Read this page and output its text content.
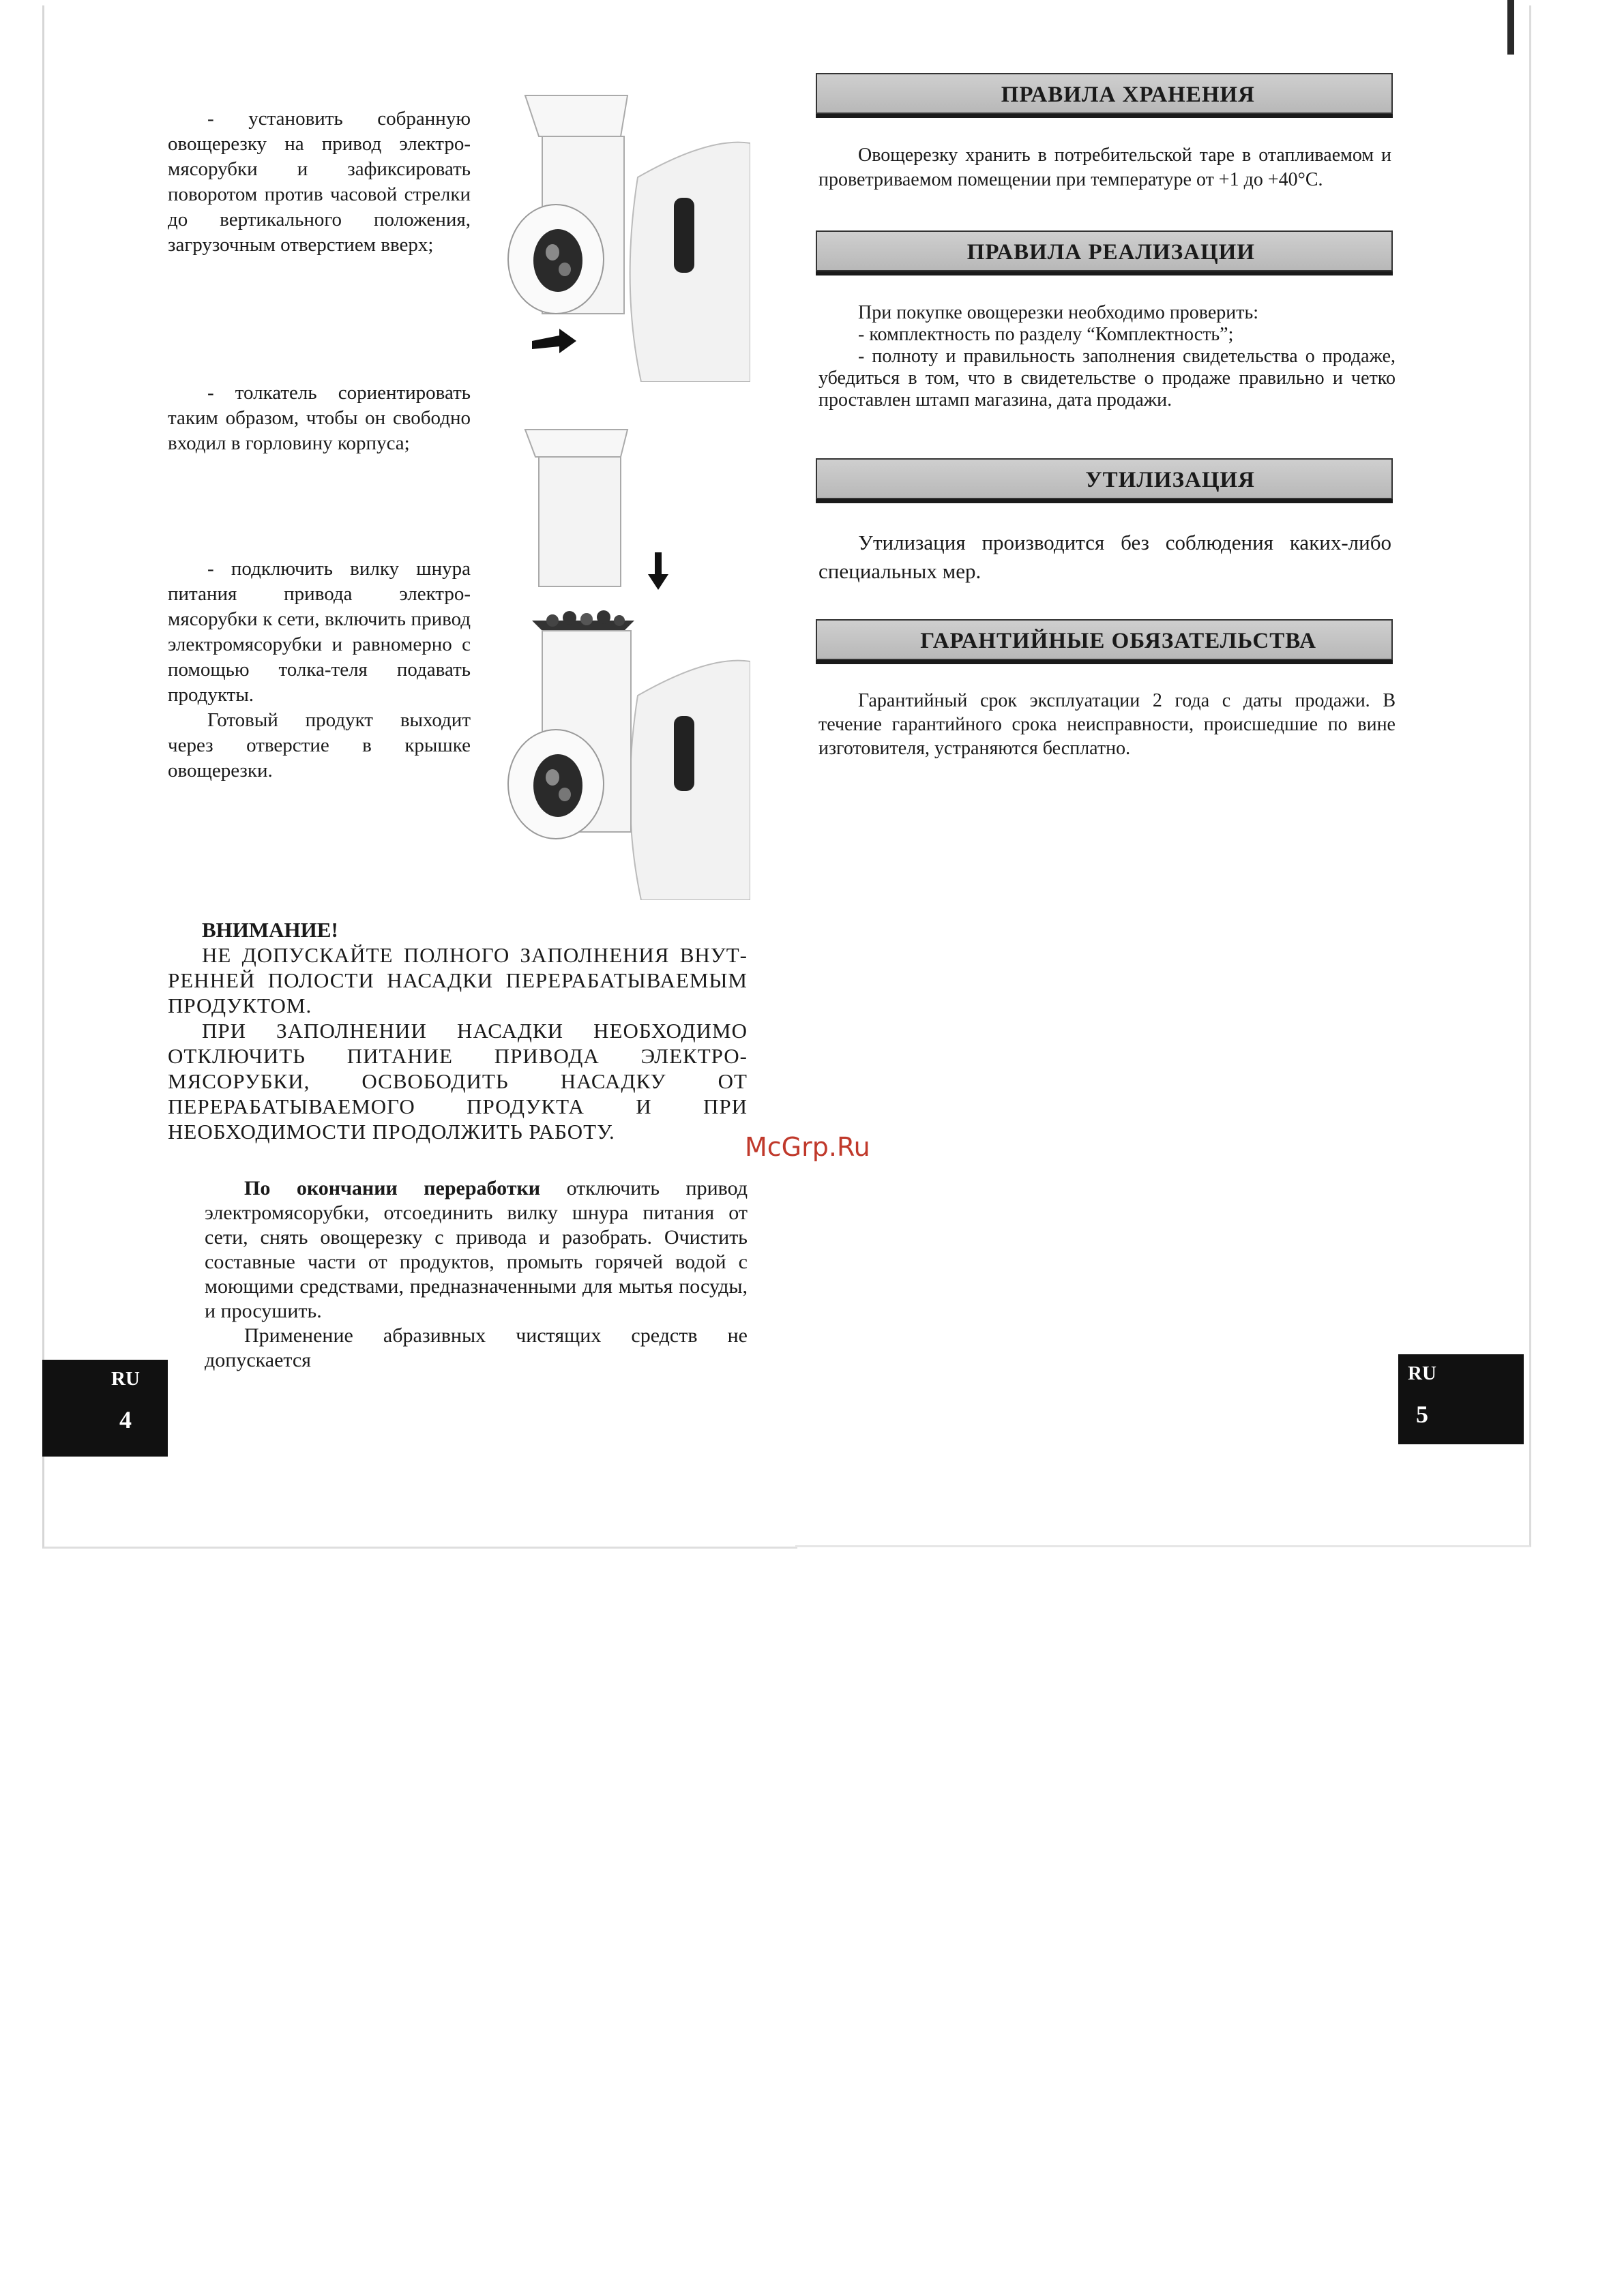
- установить собранную овощерезку на привод электро-мясорубки и зафиксировать поворотом против часовой стрелки до вертикального положения, загрузочным отверстием вверх;

- толкатель сориентировать таким образом, чтобы он свободно входил в горловину корпуса;

- подключить вилку шнура питания привода электро-мясорубки к сети, включить привод электромясорубки и равномерно с помощью толка-теля подавать продукты.

Готовый продукт выходит через отверстие в крышке овощерезки.

ВНИМАНИЕ!
НЕ ДОПУСКАЙТЕ ПОЛНОГО ЗАПОЛНЕНИЯ ВНУТ-РЕННЕЙ ПОЛОСТИ НАСАДКИ ПЕРЕРАБАТЫВАЕМЫМ ПРОДУКТОМ.
ПРИ ЗАПОЛНЕНИИ НАСАДКИ НЕОБХОДИМО ОТКЛЮЧИТЬ ПИТАНИЕ ПРИВОДА ЭЛЕКТРО-МЯСОРУБКИ, ОСВОБОДИТЬ НАСАДКУ ОТ ПЕРЕРАБАТЫВАЕМОГО ПРОДУКТА И ПРИ НЕОБХОДИМОСТИ ПРОДОЛЖИТЬ РАБОТУ.

По окончании переработки отключить привод электромясорубки, отсоединить вилку шнура питания от сети, снять овощерезку с привода и разобрать. Очистить составные части от продуктов, промыть горячей водой с моющими средствами, предназначенными для мытья посуды, и просушить.

Применение абразивных чистящих средств не допускается

RU
4
ПРАВИЛА ХРАНЕНИЯ

Овощерезку хранить в потребительской таре в отапливаемом и проветриваемом помещении при температуре от +1 до +40°С.

ПРАВИЛА РЕАЛИЗАЦИИ

При покупке овощерезки необходимо проверить:

- комплектность по разделу “Комплектность”;

- полноту и правильность заполнения свидетельства о продаже, убедиться в том, что в свидетельстве о продаже правильно и четко проставлен штамп магазина, дата продажи.

УТИЛИЗАЦИЯ

Утилизация производится без соблюдения каких-либо специальных мер.

ГАРАНТИЙНЫЕ ОБЯЗАТЕЛЬСТВА

Гарантийный срок эксплуатации 2 года с даты продажи. В течение гарантийного срока неисправности, происшедшие по вине изготовителя, устраняются бесплатно.

RU
5
McGrp.Ru
